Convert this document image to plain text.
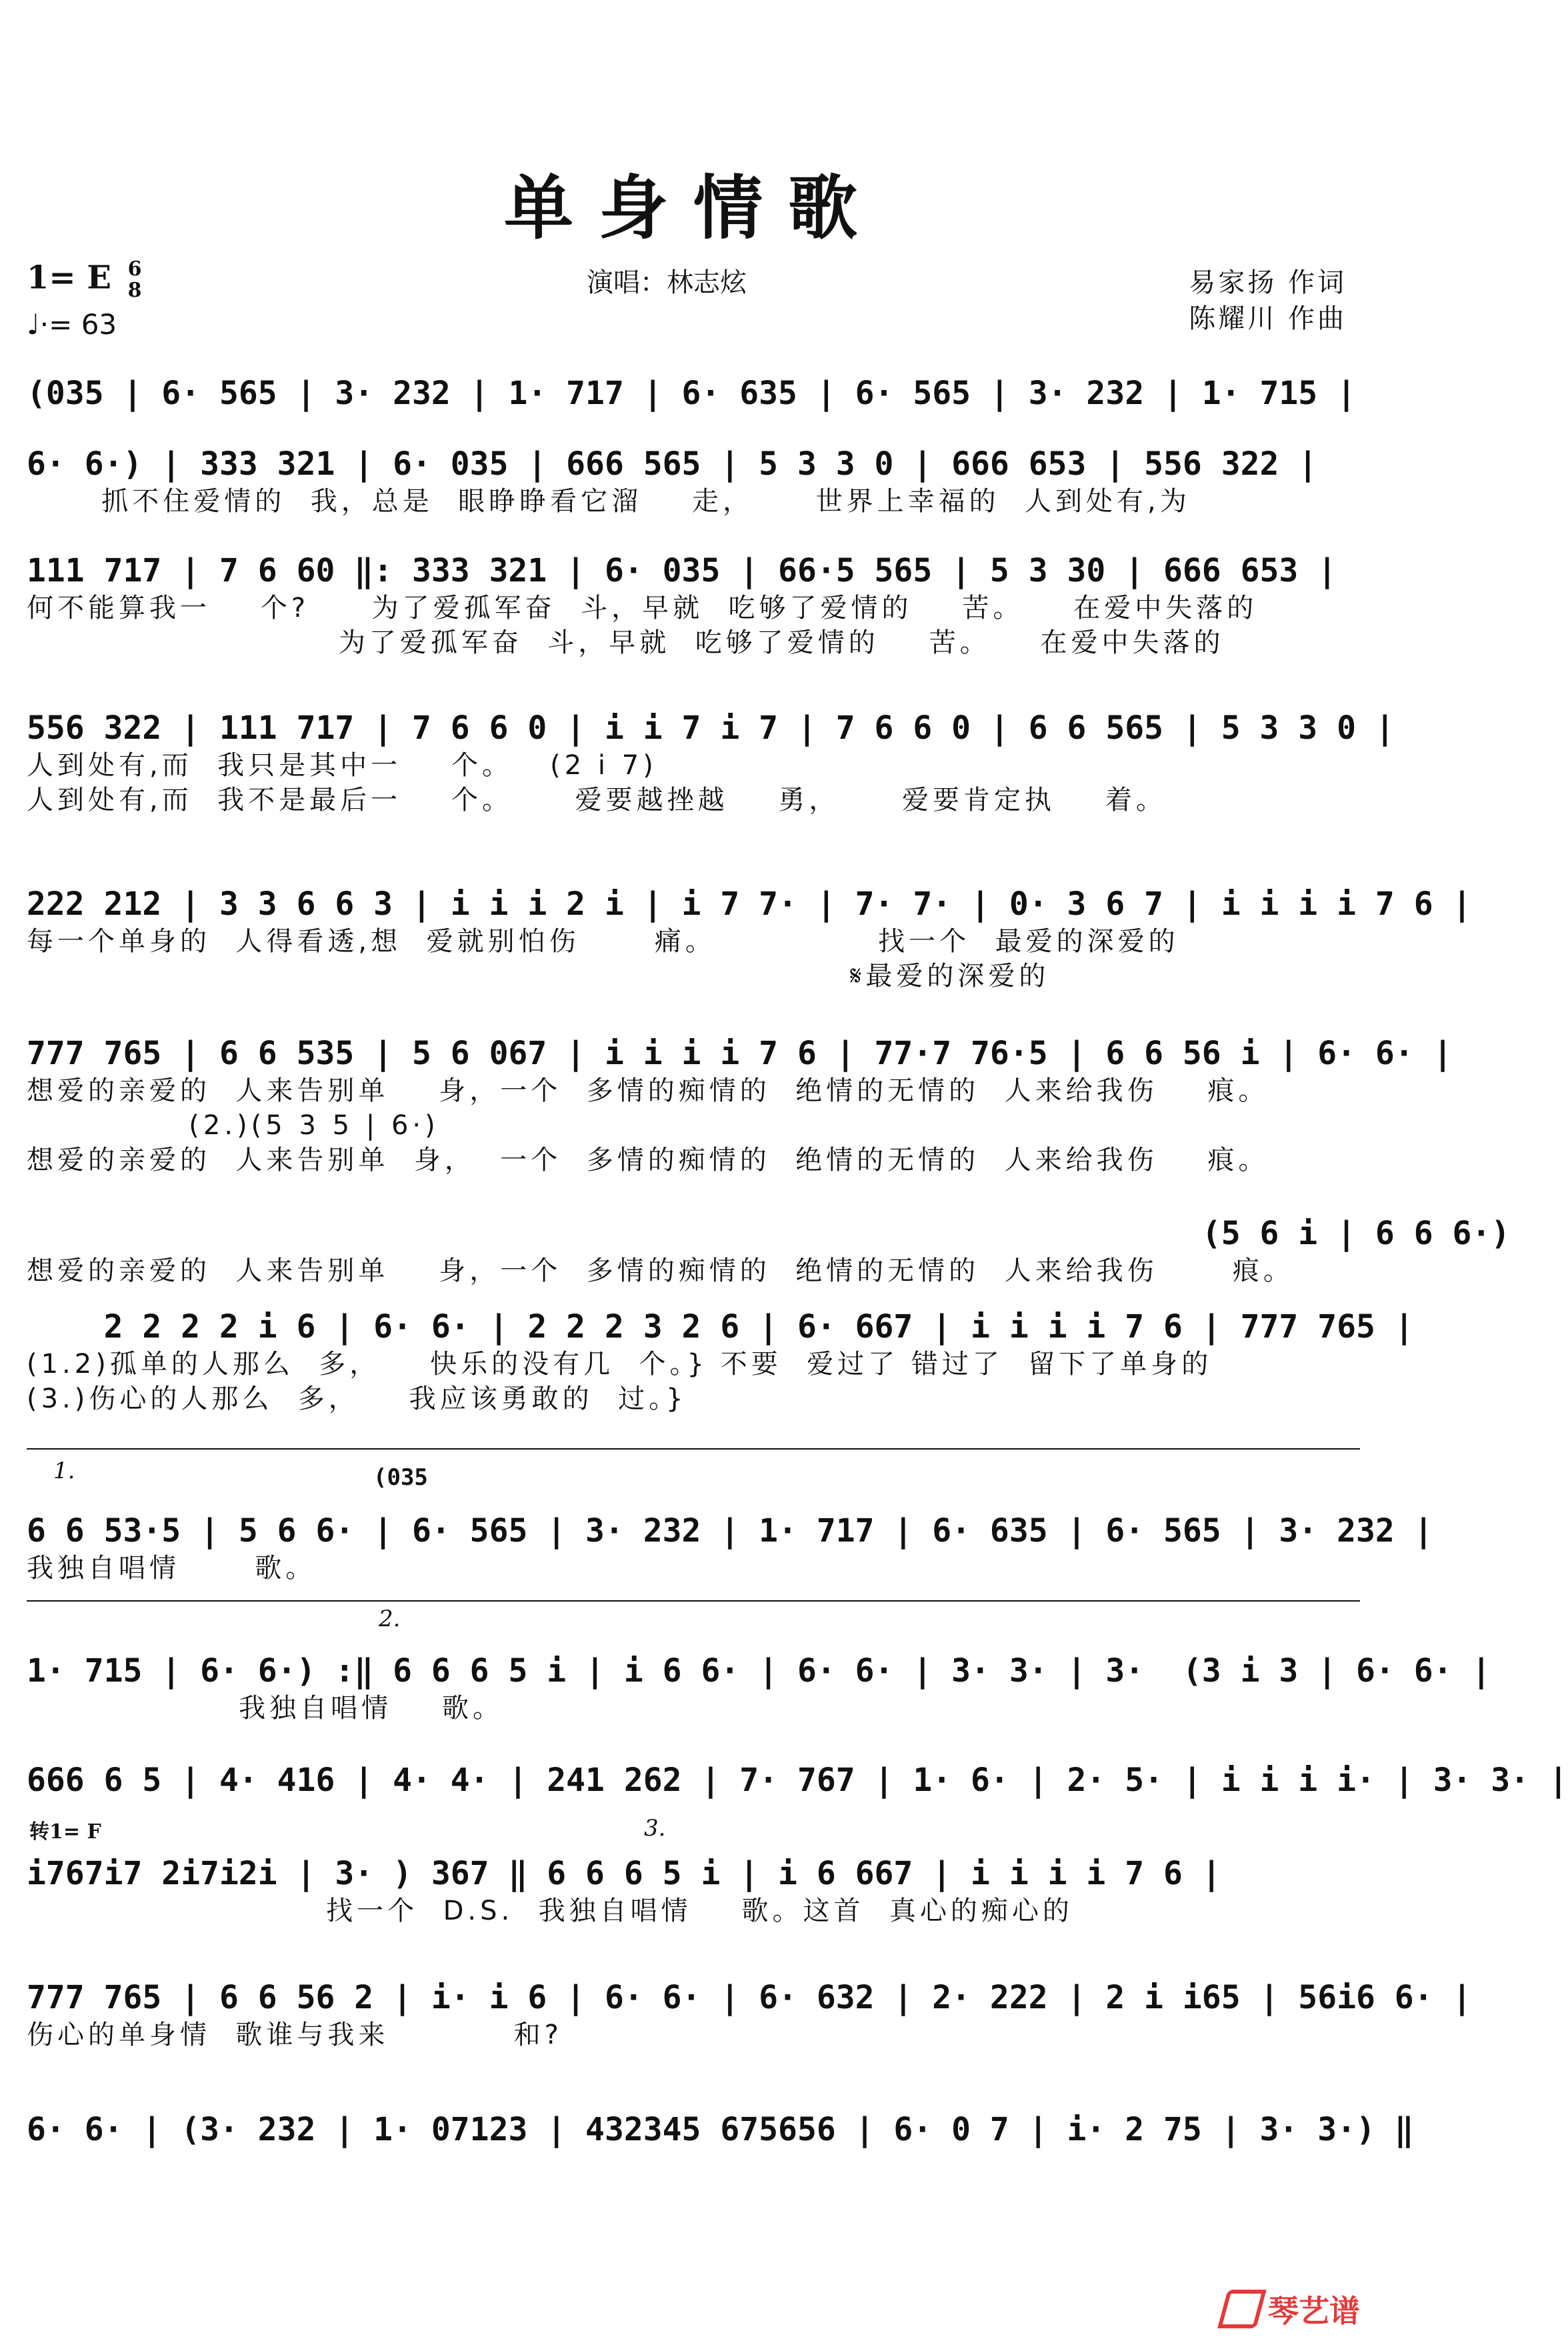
单身情歌
1= E 6
8
♩·= 63
演唱：林志炫	易家扬 作词
陈耀川 作曲
(035 | 6· 565 | 3· 232 | 1· 717 | 6· 635 | 6· 565 | 3· 232 | 1· 715 |
6· 6·) | 333 321 | 6· 035 | 666 565 | 5 3 3 0 | 666 653 | 556 322 |
抓不住爱情的  我，总是  眼睁睁看它溜    走，     世界上幸福的  人到处有,为
111 717 | 7 6 60 ‖: 333 321 | 6· 035 | 66·5 565 | 5 3 30 | 666 653 |
何不能算我一    个?     为了爱孤军奋  斗，早就  吃够了爱情的    苦。    在爱中失落的
为了爱孤军奋  斗，早就  吃够了爱情的    苦。    在爱中失落的
556 322 | 111 717 | 7 6 6 0 | i i 7 i 7 | 7 6 6 0 | 6 6 565 | 5 3 3 0 |
人到处有,而  我只是其中一    个。   (2 i 7)
人到处有,而  我不是最后一    个。     爱要越挫越    勇，     爱要肯定执    着。
222 212 | 3 3 6 6 3 | i i i 2 i | i 7 7· | 7· 7· | 0· 3 6 7 | i i i i 7 6 |
每一个单身的  人得看透,想  爱就别怕伤      痛。             找一个  最爱的深爱的
𝄋最爱的深爱的
777 765 | 6 6 535 | 5 6 067 | i i i i 7 6 | 77·7 76·5 | 6 6 56 i | 6· 6· |
想爱的亲爱的  人来告别单    身，一个  多情的痴情的  绝情的无情的  人来给我伤    痕。
(2.)(5 3 5 | 6·)
想爱的亲爱的  人来告别单  身，  一个  多情的痴情的  绝情的无情的  人来给我伤    痕。
(5 6 i | 6 6 6·)
想爱的亲爱的  人来告别单    身，一个  多情的痴情的  绝情的无情的  人来给我伤      痕。
2 2 2 2 i 6 | 6· 6· | 2 2 2 3 2 6 | 6· 667 | i i i i 7 6 | 777 765 |
(1.2)孤单的人那么  多，    快乐的没有几  个。} 不要  爱过了 错过了  留下了单身的
(3.)伤心的人那么  多，    我应该勇敢的  过。}
6 6 53·5 | 5 6 6· | 6· 565 | 3· 232 | 1· 717 | 6· 635 | 6· 565 | 3· 232 |
我独自唱情      歌。
1· 715 | 6· 6·) :‖ 6 6 6 5 i | i 6 6· | 6· 6· | 3· 3· | 3·  (3 i 3 | 6· 6· |
我独自唱情    歌。
666 6 5 | 4· 416 | 4· 4· | 241 262 | 7· 767 | 1· 6· | 2· 5· | i i i i· | 3· 3· |
i767i7 2i7i2i | 3· ) 367 ‖ 6 6 6 5 i | i 6 667 | i i i i 7 6 |
找一个  D.S.  我独自唱情    歌。这首  真心的痴心的
777 765 | 6 6 56 2 | i· i 6 | 6· 6· | 6· 632 | 2· 222 | 2 i i65 | 56i6 6· |
伤心的单身情  歌谁与我来          和?
6· 6· | (3· 232 | 1· 07123 | 432345 675656 | 6· 0 7 | i· 2 75 | 3· 3·) ‖
1.	(035
2.
转1= F	3.
琴艺谱
